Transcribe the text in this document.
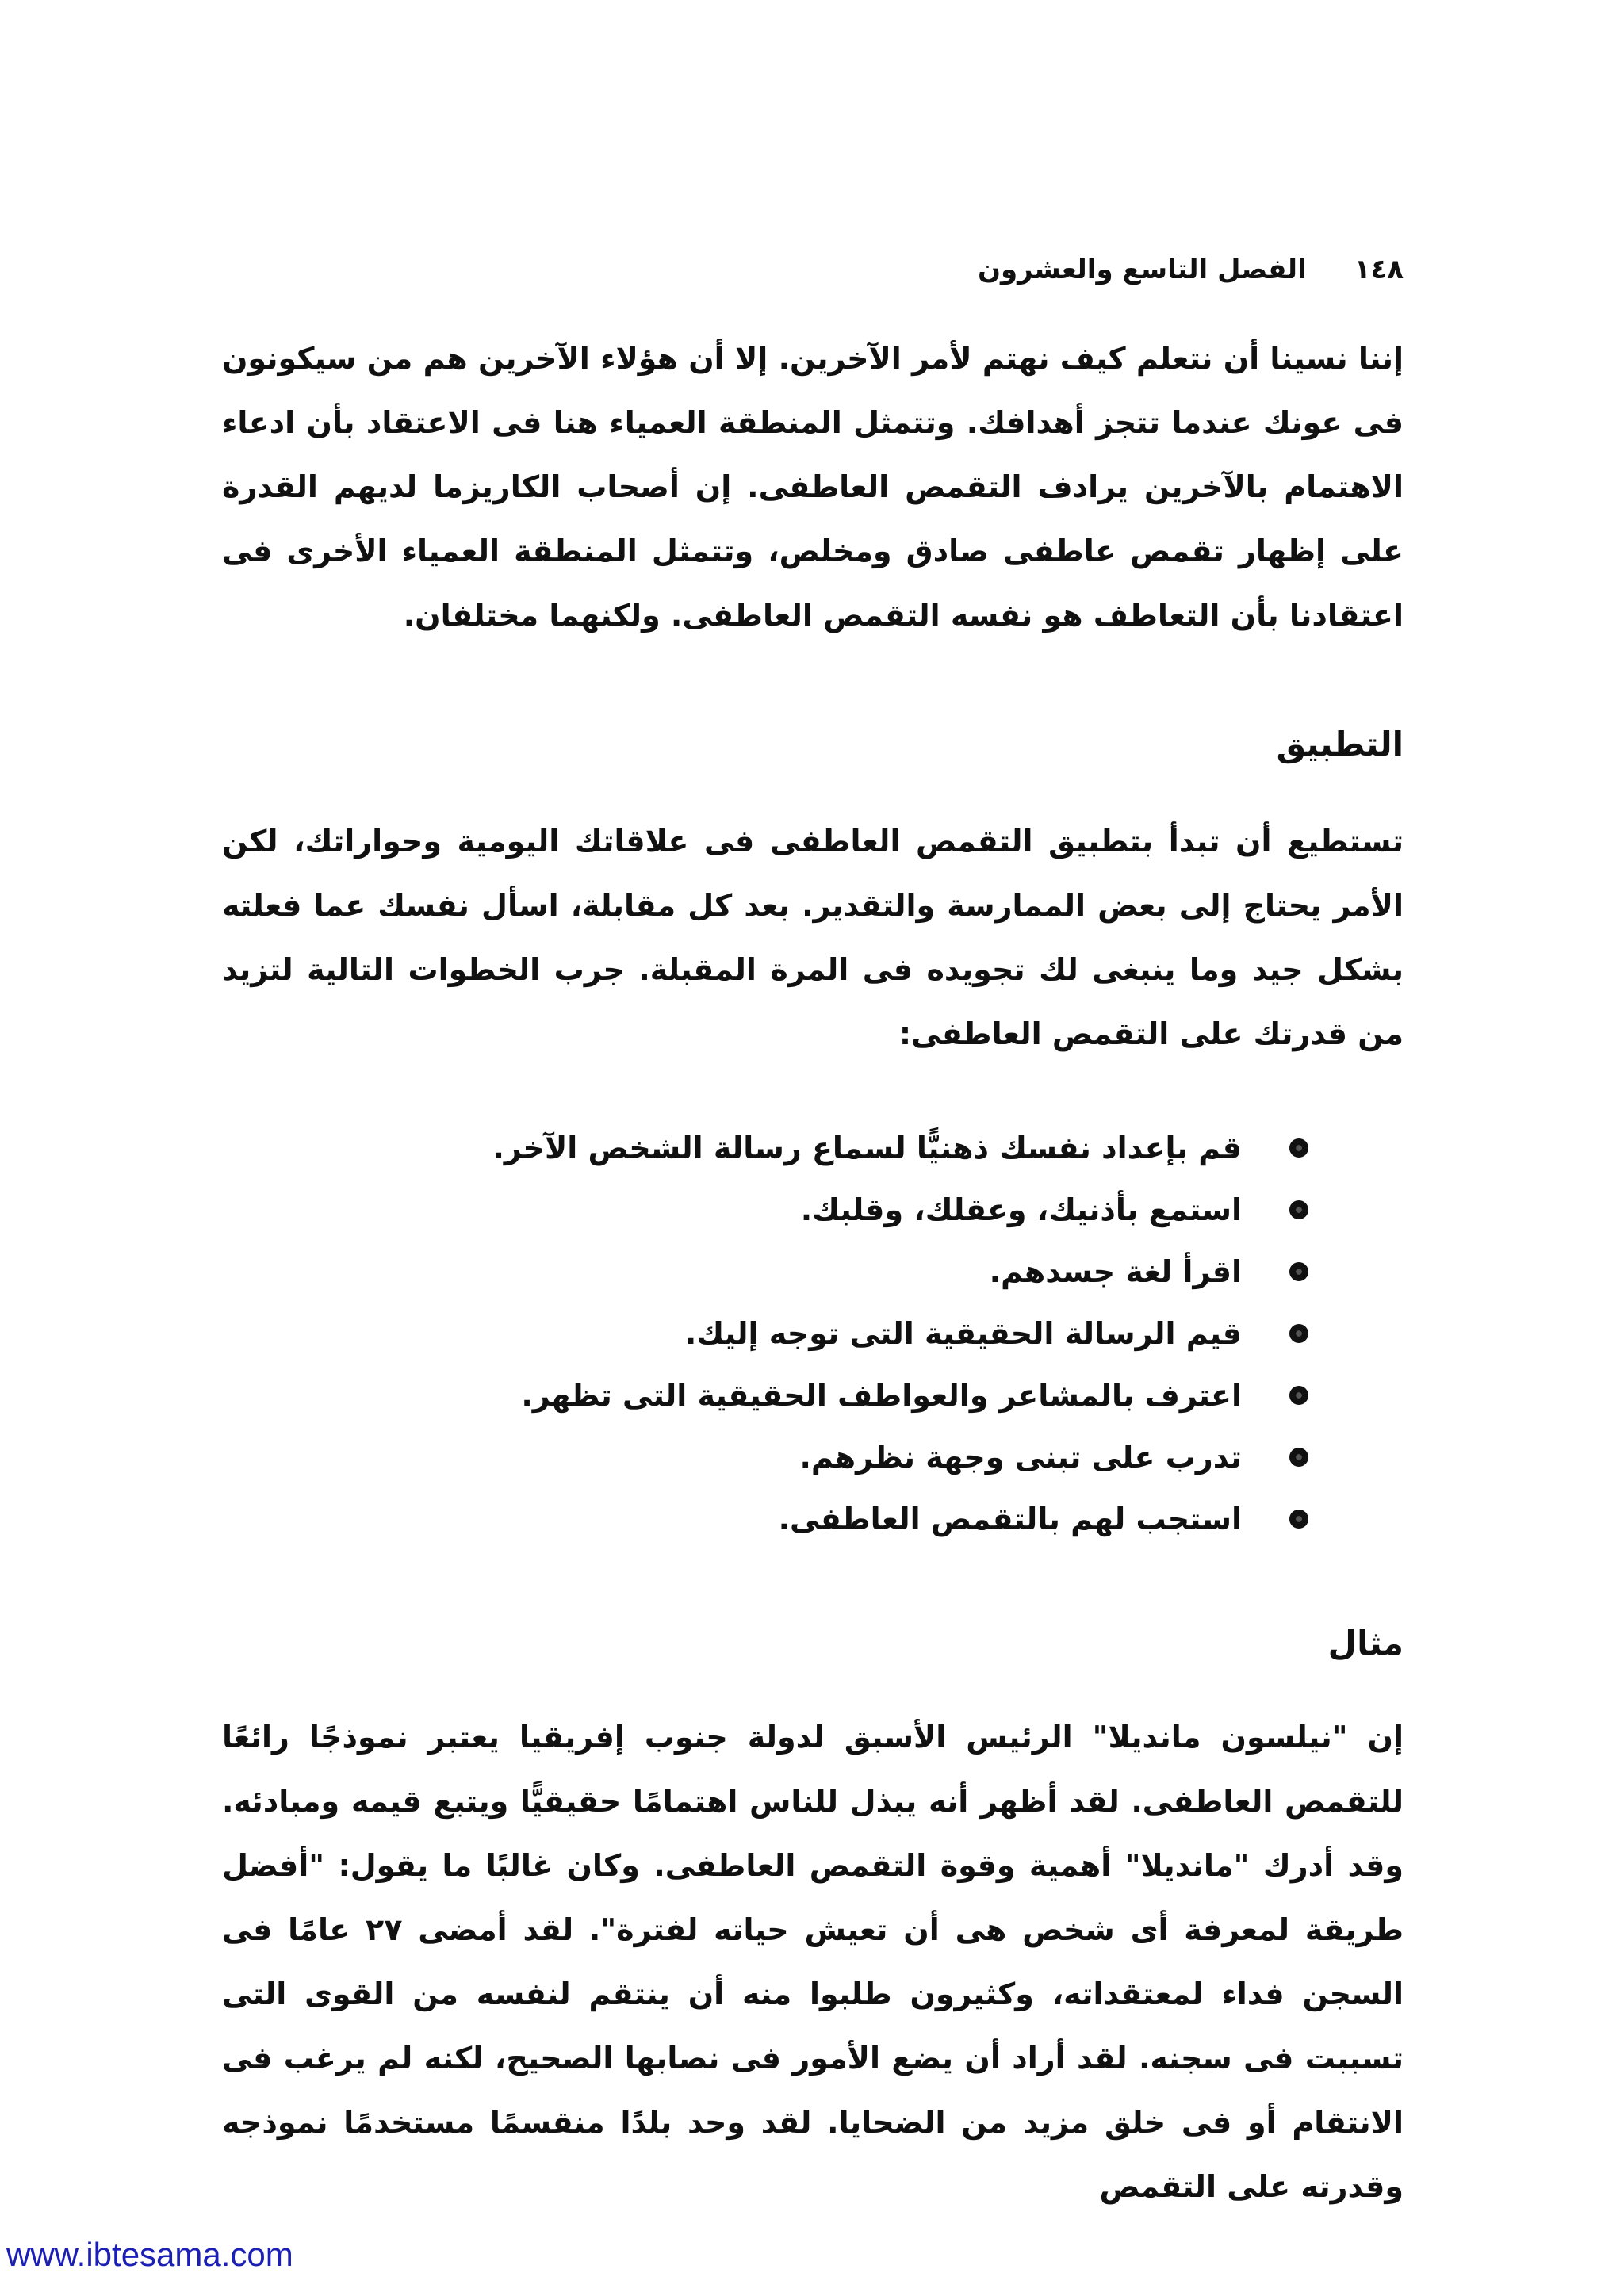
١٤٨
الفصل التاسع والعشرون

إننا نسينا أن نتعلم كيف نهتم لأمر الآخرين. إلا أن هؤلاء الآخرين هم من سيكونون فى عونك عندما تتجز أهدافك. وتتمثل المنطقة العمياء هنا فى الاعتقاد بأن ادعاء الاهتمام بالآخرين يرادف التقمص العاطفى. إن أصحاب الكاريزما لديهم القدرة على إظهار تقمص عاطفى صادق ومخلص، وتتمثل المنطقة العمياء الأخرى فى اعتقادنا بأن التعاطف هو نفسه التقمص العاطفى. ولكنهما مختلفان.

التطبيق

تستطيع أن تبدأ بتطبيق التقمص العاطفى فى علاقاتك اليومية وحواراتك، لكن الأمر يحتاج إلى بعض الممارسة والتقدير. بعد كل مقابلة، اسأل نفسك عما فعلته بشكل جيد وما ينبغى لك تجويده فى المرة المقبلة. جرب الخطوات التالية لتزيد من قدرتك على التقمص العاطفى:

قم بإعداد نفسك ذهنيًّا لسماع رسالة الشخص الآخر.
استمع بأذنيك، وعقلك، وقلبك.
اقرأ لغة جسدهم.
قيم الرسالة الحقيقية التى توجه إليك.
اعترف بالمشاعر والعواطف الحقيقية التى تظهر.
تدرب على تبنى وجهة نظرهم.
استجب لهم بالتقمص العاطفى.
مثال

إن "نيلسون مانديلا" الرئيس الأسبق لدولة جنوب إفريقيا يعتبر نموذجًا رائعًا للتقمص العاطفى. لقد أظهر أنه يبذل للناس اهتمامًا حقيقيًّا ويتبع قيمه ومبادئه. وقد أدرك "مانديلا" أهمية وقوة التقمص العاطفى. وكان غالبًا ما يقول: "أفضل طريقة لمعرفة أى شخص هى أن تعيش حياته لفترة". لقد أمضى ٢٧ عامًا فى السجن فداء لمعتقداته، وكثيرون طلبوا منه أن ينتقم لنفسه من القوى التى تسببت فى سجنه. لقد أراد أن يضع الأمور فى نصابها الصحيح، لكنه لم يرغب فى الانتقام أو فى خلق مزيد من الضحايا. لقد وحد بلدًا منقسمًا مستخدمًا نموذجه وقدرته على التقمص

www.ibtesama.com
